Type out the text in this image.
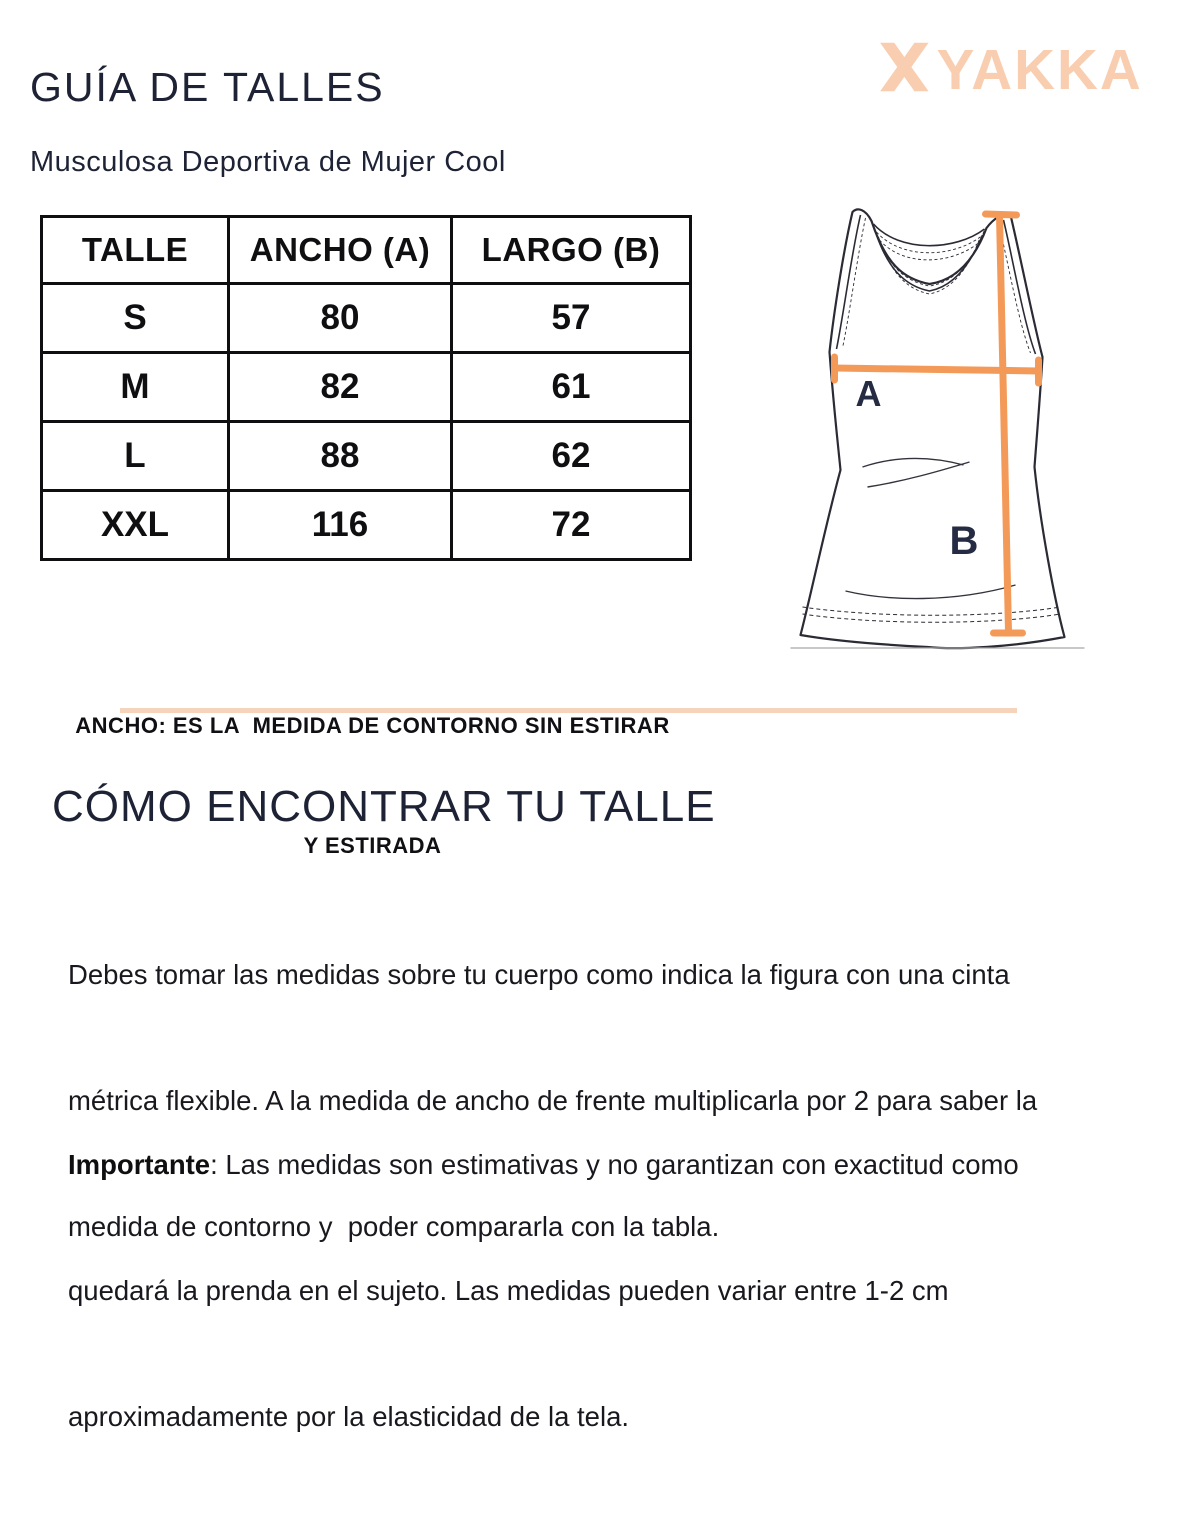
GUÍA DE TALLES	YAKKA

Musculosa Deportiva de Mujer Cool

TALLE	ANCHO (A)	LARGO (B)
S	80	57
M	82	61
L	88	62
XXL	116	72
A
B

ANCHO: ES LA  MEDIDA DE CONTORNO SIN ESTIRAR

Y ESTIRADA

CÓMO ENCONTRAR TU TALLE

Debes tomar las medidas sobre tu cuerpo como indica la figura con una cinta

métrica flexible. A la medida de ancho de frente multiplicarla por 2 para saber la

medida de contorno y  poder compararla con la tabla.

Importante: Las medidas son estimativas y no garantizan con exactitud como

quedará la prenda en el sujeto. Las medidas pueden variar entre 1-2 cm

aproximadamente por la elasticidad de la tela.
